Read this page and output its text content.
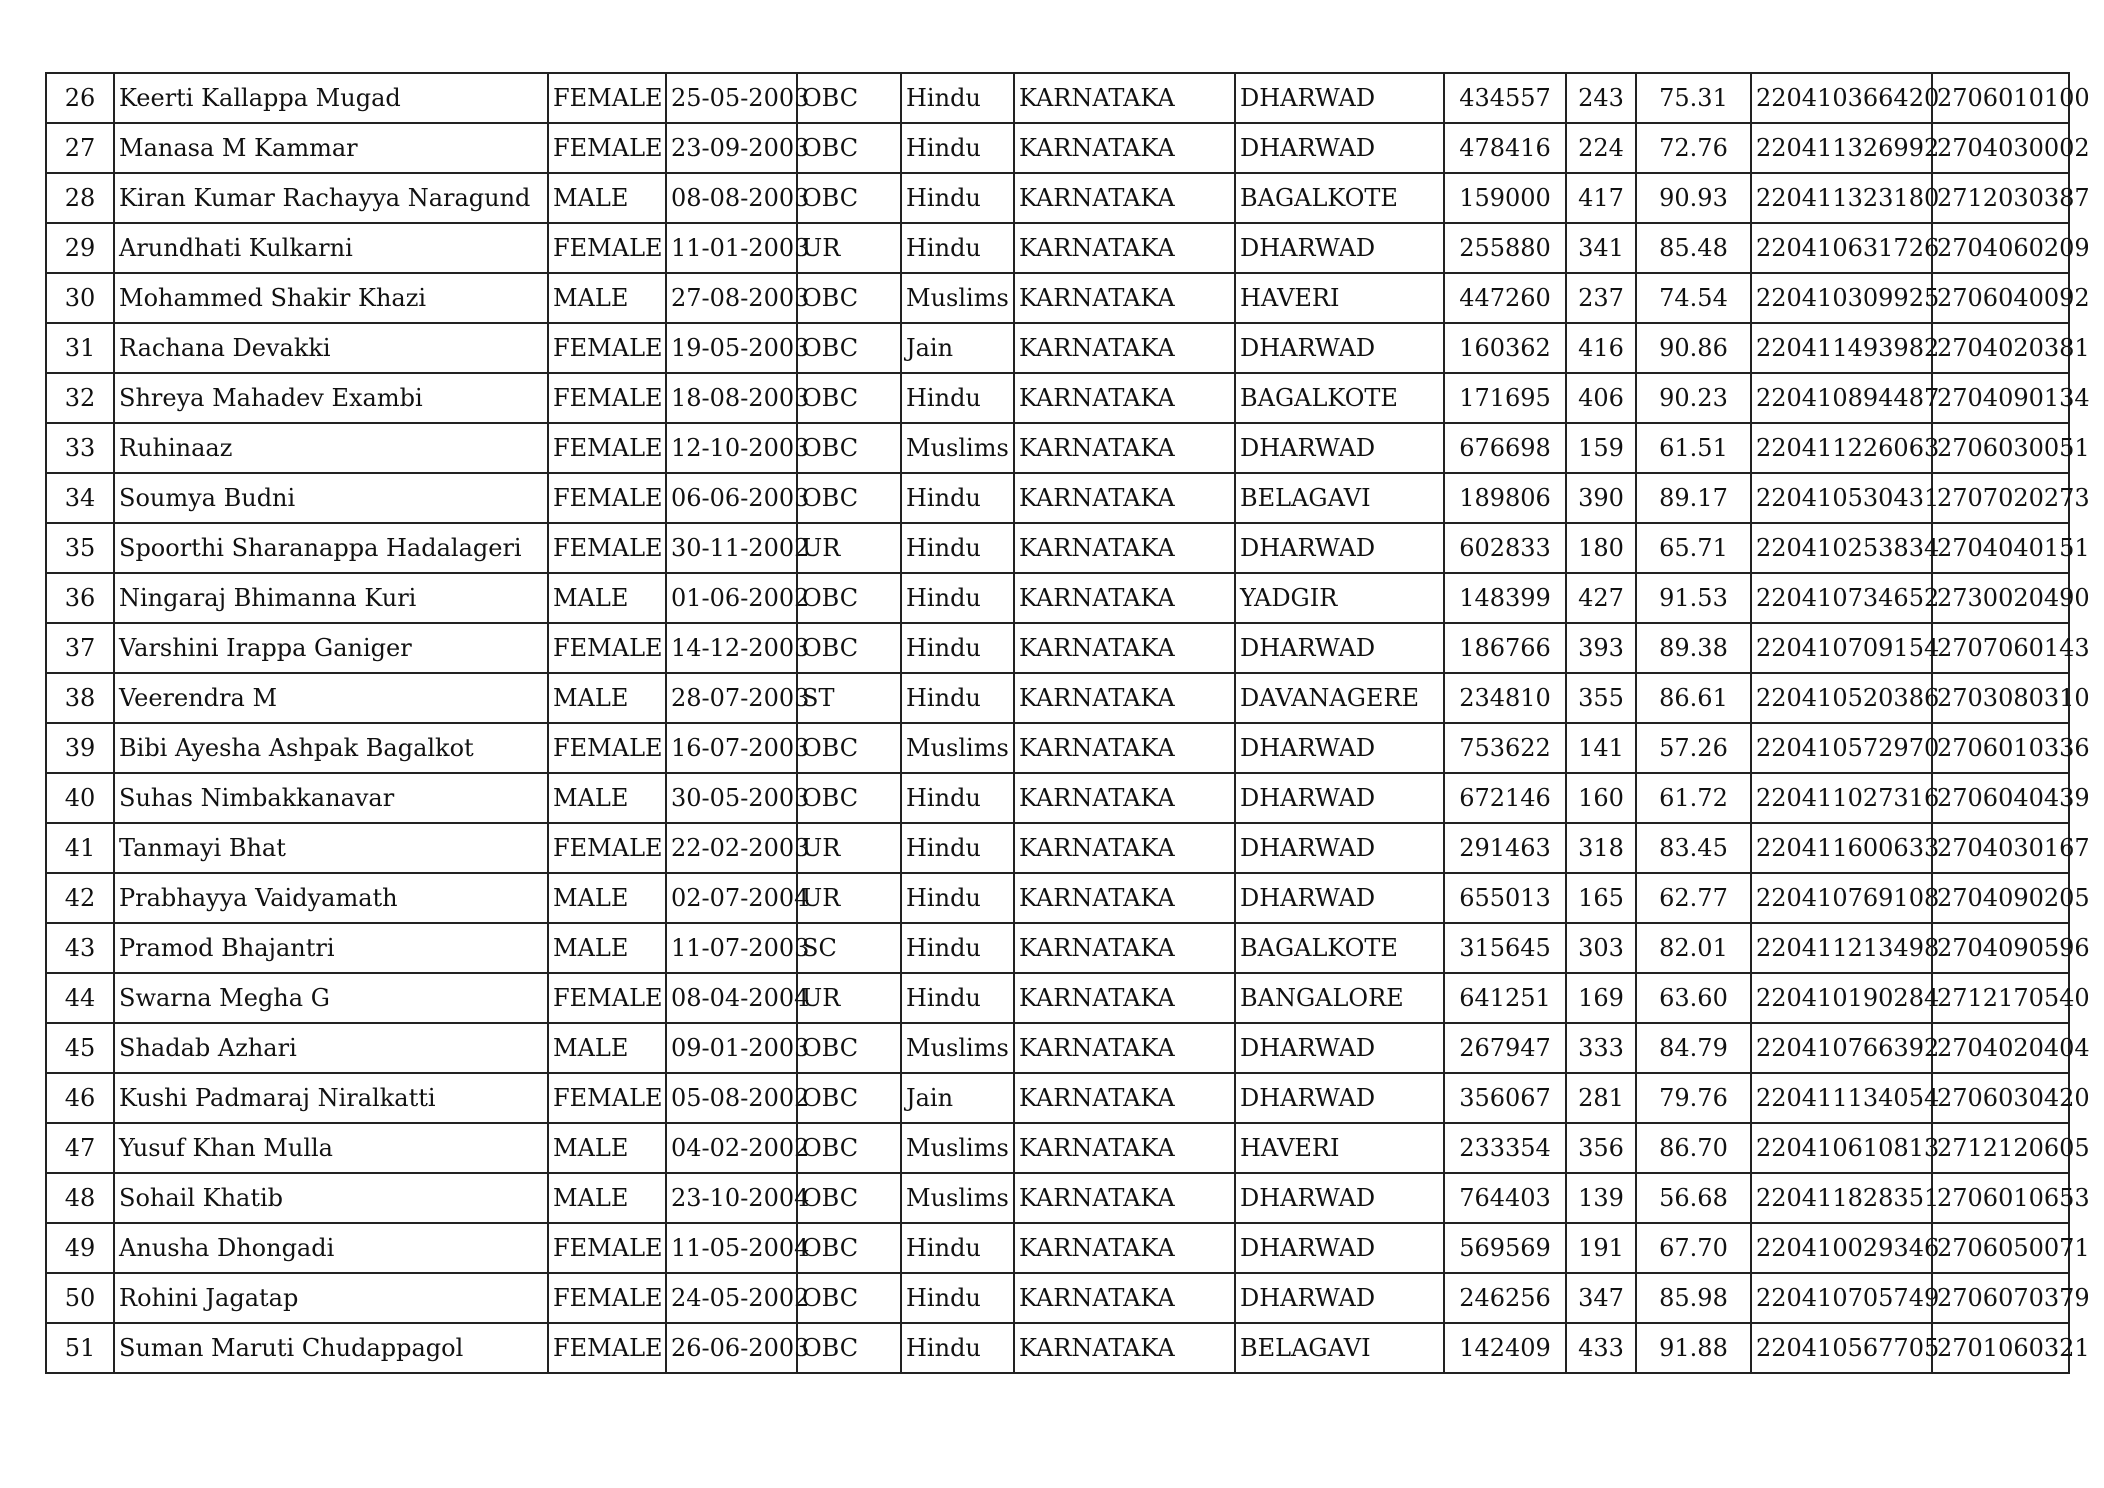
26	Keerti Kallappa Mugad	FEMALE	25-05-2003	OBC	Hindu	KARNATAKA	DHARWAD	434557	243	75.31	220410366420	2706010100
27	Manasa M Kammar	FEMALE	23-09-2003	OBC	Hindu	KARNATAKA	DHARWAD	478416	224	72.76	220411326992	2704030002
28	Kiran Kumar Rachayya Naragund	MALE	08-08-2003	OBC	Hindu	KARNATAKA	BAGALKOTE	159000	417	90.93	220411323180	2712030387
29	Arundhati Kulkarni	FEMALE	11-01-2003	UR	Hindu	KARNATAKA	DHARWAD	255880	341	85.48	220410631726	2704060209
30	Mohammed Shakir Khazi	MALE	27-08-2003	OBC	Muslims	KARNATAKA	HAVERI	447260	237	74.54	220410309925	2706040092
31	Rachana Devakki	FEMALE	19-05-2003	OBC	Jain	KARNATAKA	DHARWAD	160362	416	90.86	220411493982	2704020381
32	Shreya Mahadev Exambi	FEMALE	18-08-2003	OBC	Hindu	KARNATAKA	BAGALKOTE	171695	406	90.23	220410894487	2704090134
33	Ruhinaaz	FEMALE	12-10-2003	OBC	Muslims	KARNATAKA	DHARWAD	676698	159	61.51	220411226063	2706030051
34	Soumya Budni	FEMALE	06-06-2003	OBC	Hindu	KARNATAKA	BELAGAVI	189806	390	89.17	220410530431	2707020273
35	Spoorthi Sharanappa Hadalageri	FEMALE	30-11-2002	UR	Hindu	KARNATAKA	DHARWAD	602833	180	65.71	220410253834	2704040151
36	Ningaraj Bhimanna Kuri	MALE	01-06-2002	OBC	Hindu	KARNATAKA	YADGIR	148399	427	91.53	220410734652	2730020490
37	Varshini Irappa Ganiger	FEMALE	14-12-2003	OBC	Hindu	KARNATAKA	DHARWAD	186766	393	89.38	220410709154	2707060143
38	Veerendra M	MALE	28-07-2003	ST	Hindu	KARNATAKA	DAVANAGERE	234810	355	86.61	220410520386	2703080310
39	Bibi Ayesha Ashpak Bagalkot	FEMALE	16-07-2003	OBC	Muslims	KARNATAKA	DHARWAD	753622	141	57.26	220410572970	2706010336
40	Suhas Nimbakkanavar	MALE	30-05-2003	OBC	Hindu	KARNATAKA	DHARWAD	672146	160	61.72	220411027316	2706040439
41	Tanmayi Bhat	FEMALE	22-02-2003	UR	Hindu	KARNATAKA	DHARWAD	291463	318	83.45	220411600633	2704030167
42	Prabhayya Vaidyamath	MALE	02-07-2004	UR	Hindu	KARNATAKA	DHARWAD	655013	165	62.77	220410769108	2704090205
43	Pramod Bhajantri	MALE	11-07-2003	SC	Hindu	KARNATAKA	BAGALKOTE	315645	303	82.01	220411213498	2704090596
44	Swarna Megha G	FEMALE	08-04-2004	UR	Hindu	KARNATAKA	BANGALORE	641251	169	63.60	220410190284	2712170540
45	Shadab Azhari	MALE	09-01-2003	OBC	Muslims	KARNATAKA	DHARWAD	267947	333	84.79	220410766392	2704020404
46	Kushi Padmaraj Niralkatti	FEMALE	05-08-2002	OBC	Jain	KARNATAKA	DHARWAD	356067	281	79.76	220411134054	2706030420
47	Yusuf Khan Mulla	MALE	04-02-2002	OBC	Muslims	KARNATAKA	HAVERI	233354	356	86.70	220410610813	2712120605
48	Sohail Khatib	MALE	23-10-2004	OBC	Muslims	KARNATAKA	DHARWAD	764403	139	56.68	220411828351	2706010653
49	Anusha Dhongadi	FEMALE	11-05-2004	OBC	Hindu	KARNATAKA	DHARWAD	569569	191	67.70	220410029346	2706050071
50	Rohini Jagatap	FEMALE	24-05-2002	OBC	Hindu	KARNATAKA	DHARWAD	246256	347	85.98	220410705749	2706070379
51	Suman Maruti Chudappagol	FEMALE	26-06-2003	OBC	Hindu	KARNATAKA	BELAGAVI	142409	433	91.88	220410567705	2701060321
